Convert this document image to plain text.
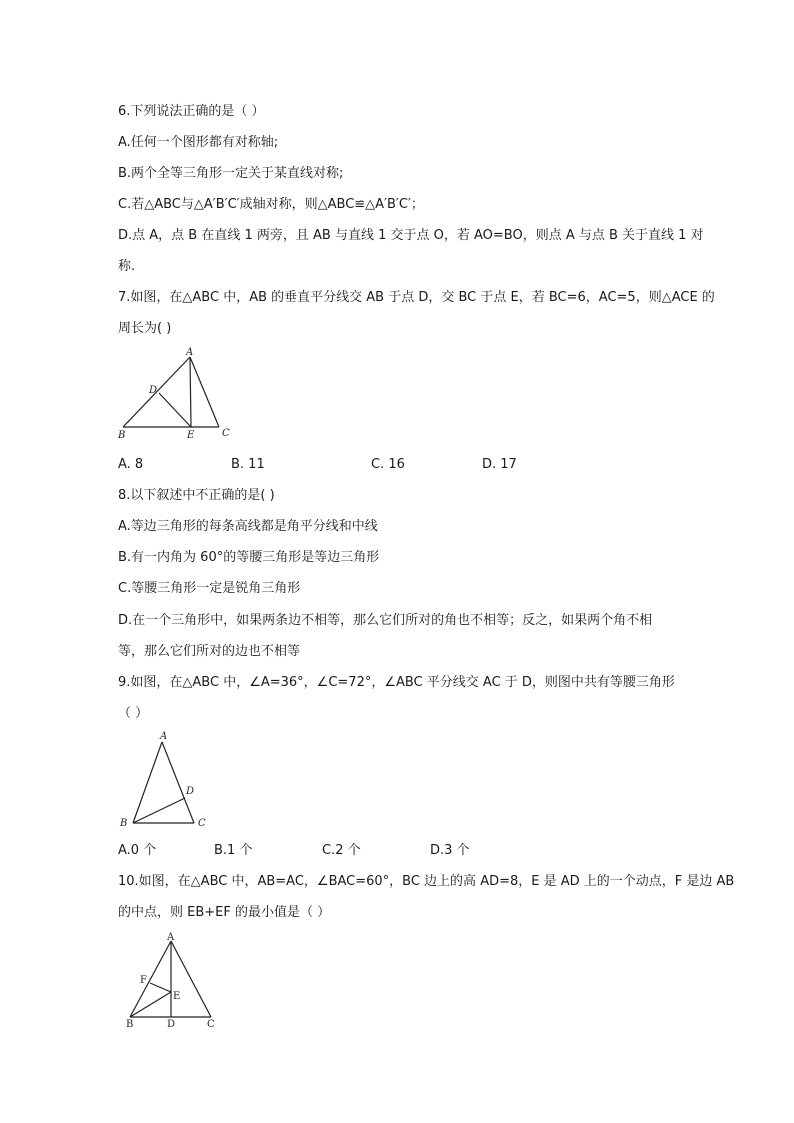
6.下列说法正确的是（ ）
A.任何一个图形都有对称轴;
B.两个全等三角形一定关于某直线对称;
C.若△ABC与△A′B′C′成轴对称，则△ABC≌△A′B′C′；
D.点 A，点 B 在直线 1 两旁，且 AB 与直线 1 交于点 O，若 AO=BO，则点 A 与点 B 关于直线 1 对
称.
7.如图，在△ABC 中，AB 的垂直平分线交 AB 于点 D，交 BC 于点 E，若 BC=6，AC=5，则△ACE 的
周长为( )
A
B	C
D
E
A. 8	B. 11	C. 16	D. 17
8.以下叙述中不正确的是( )
A.等边三角形的每条高线都是角平分线和中线
B.有一内角为 60°的等腰三角形是等边三角形
C.等腰三角形一定是锐角三角形
D.在一个三角形中，如果两条边不相等，那么它们所对的角也不相等；反之，如果两个角不相
等，那么它们所对的边也不相等
9.如图，在△ABC 中，∠A=36°，∠C=72°，∠ABC 平分线交 AC 于 D，则图中共有等腰三角形
（ ）
A
B	C
D
A.0 个	B.1 个	C.2 个	D.3 个
10.如图，在△ABC 中，AB=AC，∠BAC=60°，BC 边上的高 AD=8，E 是 AD 上的一个动点，F 是边 AB
的中点，则 EB+EF 的最小值是（ ）
A
B	C
D
E
F
